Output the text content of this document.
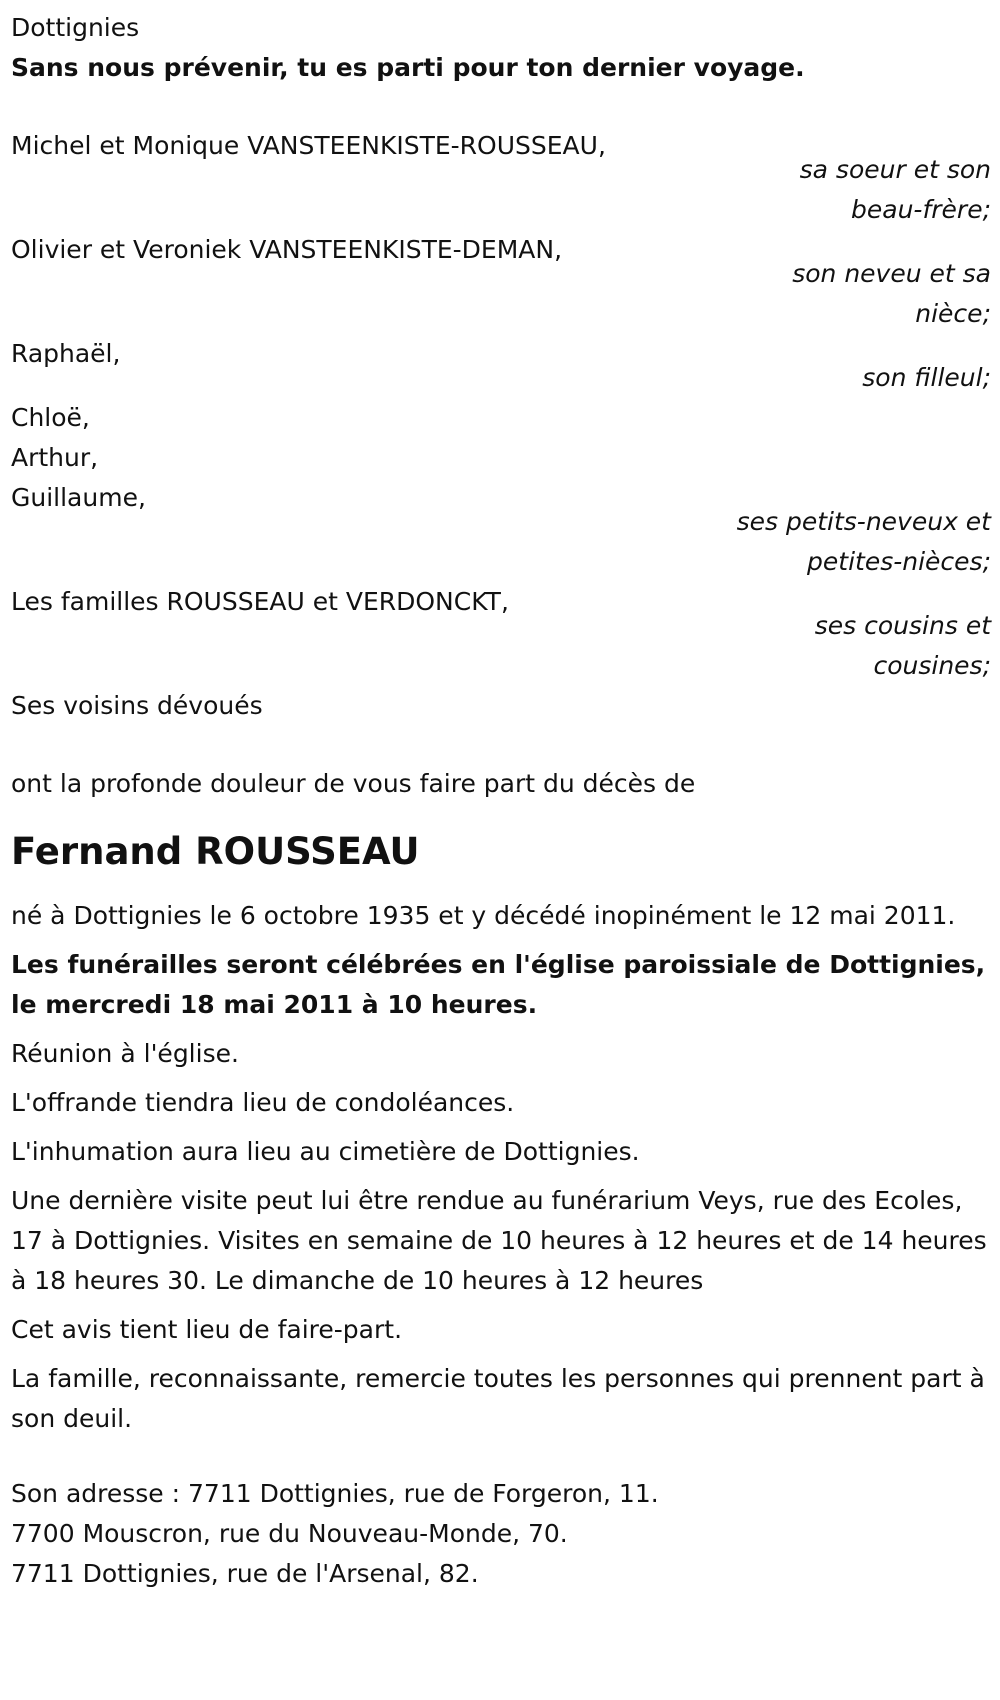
Dottignies
Sans nous prévenir, tu es parti pour ton dernier voyage.
Michel et Monique VANSTEENKISTE-ROUSSEAU,
sa soeur et son
beau-frère;
Olivier et Veroniek VANSTEENKISTE-DEMAN,
son neveu et sa
nièce;
Raphaël,
son filleul;
Chloë,
Arthur,
Guillaume,
ses petits-neveux et
petites-nièces;
Les familles ROUSSEAU et VERDONCKT,
ses cousins et
cousines;
Ses voisins dévoués
ont la profonde douleur de vous faire part du décès de
Fernand ROUSSEAU
né à Dottignies le 6 octobre 1935 et y décédé inopinément le 12 mai 2011.
Les funérailles seront célébrées en l'église paroissiale de Dottignies, le mercredi 18 mai 2011 à 10 heures.
Réunion à l'église.
L'offrande tiendra lieu de condoléances.
L'inhumation aura lieu au cimetière de Dottignies.
Une dernière visite peut lui être rendue au funérarium Veys, rue des Ecoles, 17 à Dottignies. Visites en semaine de 10 heures à 12 heures et de 14 heures à 18 heures 30. Le dimanche de 10 heures à 12 heures
Cet avis tient lieu de faire-part.
La famille, reconnaissante, remercie toutes les personnes qui prennent part à son deuil.
Son adresse : 7711 Dottignies, rue de Forgeron, 11.
7700 Mouscron, rue du Nouveau-Monde, 70.
7711 Dottignies, rue de l'Arsenal, 82.
